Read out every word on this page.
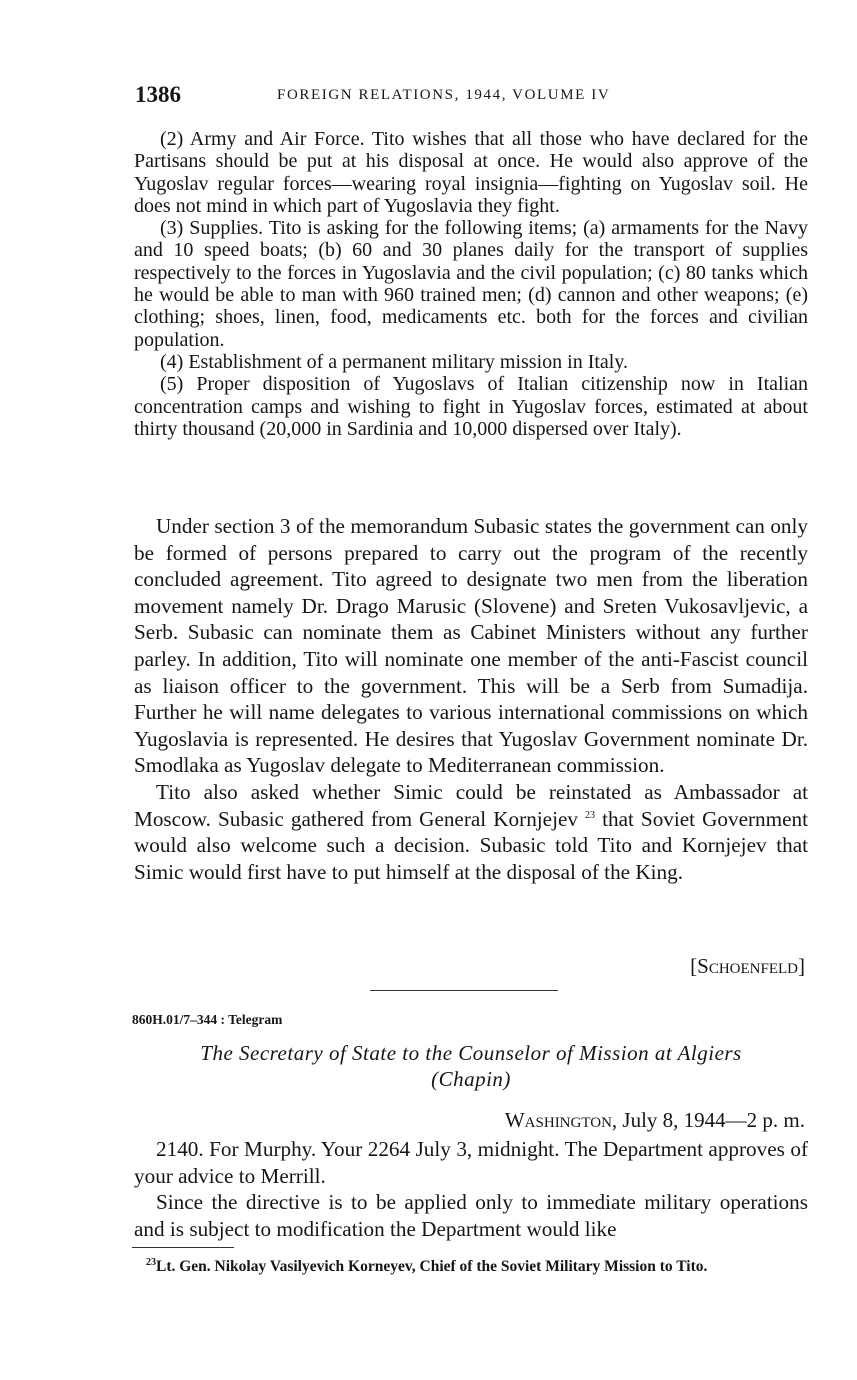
1386	FOREIGN RELATIONS, 1944, VOLUME IV

(2) Army and Air Force. Tito wishes that all those who have declared for the Partisans should be put at his disposal at once. He would also approve of the Yugoslav regular forces—wearing royal insignia—fighting on Yugoslav soil. He does not mind in which part of Yugoslavia they fight.

(3) Supplies. Tito is asking for the following items; (a) armaments for the Navy and 10 speed boats; (b) 60 and 30 planes daily for the transport of supplies respectively to the forces in Yugoslavia and the civil population; (c) 80 tanks which he would be able to man with 960 trained men; (d) cannon and other weapons; (e) clothing; shoes, linen, food, medicaments etc. both for the forces and civilian population.

(4) Establishment of a permanent military mission in Italy.

(5) Proper disposition of Yugoslavs of Italian citizenship now in Italian concentration camps and wishing to fight in Yugoslav forces, estimated at about thirty thousand (20,000 in Sardinia and 10,000 dispersed over Italy).

Under section 3 of the memorandum Subasic states the government can only be formed of persons prepared to carry out the program of the recently concluded agreement. Tito agreed to designate two men from the liberation movement namely Dr. Drago Marusic (Slovene) and Sreten Vukosavljevic, a Serb. Subasic can nominate them as Cabinet Ministers without any further parley. In addition, Tito will nominate one member of the anti-Fascist council as liaison officer to the government. This will be a Serb from Sumadija. Further he will name delegates to various international commissions on which Yugoslavia is represented. He desires that Yugoslav Government nominate Dr. Smodlaka as Yugoslav delegate to Mediterranean commission.

Tito also asked whether Simic could be reinstated as Ambassador at Moscow. Subasic gathered from General Kornjejev $^{23}$ that Soviet Government would also welcome such a decision. Subasic told Tito and Kornjejev that Simic would first have to put himself at the disposal of the King.

[Schoenfeld]
860H.01/7–344 : Telegram
The Secretary of State to the Counselor of Mission at Algiers
(Chapin)
Washington, July 8, 1944—2 p. m.

2140. For Murphy. Your 2264 July 3, midnight. The Department approves of your advice to Merrill.

Since the directive is to be applied only to immediate military operations and is subject to modification the Department would like

$^{23}$Lt. Gen. Nikolay Vasilyevich Korneyev, Chief of the Soviet Military Mission to Tito.
